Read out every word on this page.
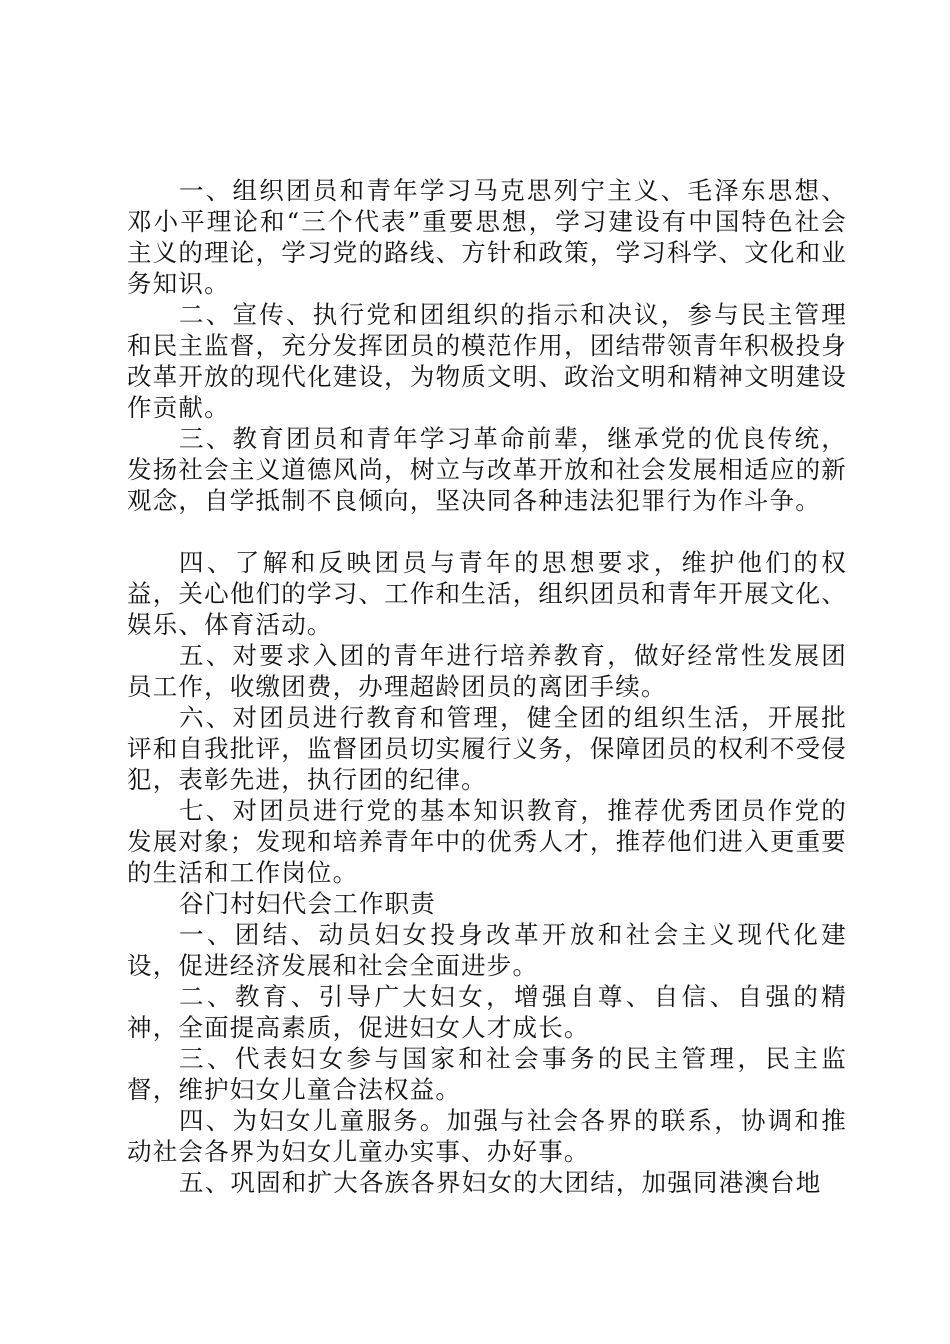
一、组织团员和青年学习马克思列宁主义、毛泽东思想、邓小平理论和“三个代表”重要思想，学习建设有中国特色社会主义的理论，学习党的路线、方针和政策，学习科学、文化和业务知识。

二、宣传、执行党和团组织的指示和决议，参与民主管理和民主监督，充分发挥团员的模范作用，团结带领青年积极投身改革开放的现代化建设，为物质文明、政治文明和精神文明建设作贡献。

三、教育团员和青年学习革命前辈，继承党的优良传统，发扬社会主义道德风尚，树立与改革开放和社会发展相适应的新观念，自学抵制不良倾向，坚决同各种违法犯罪行为作斗争。

四、了解和反映团员与青年的思想要求，维护他们的权益，关心他们的学习、工作和生活，组织团员和青年开展文化、娱乐、体育活动。

五、对要求入团的青年进行培养教育，做好经常性发展团员工作，收缴团费，办理超龄团员的离团手续。

六、对团员进行教育和管理，健全团的组织生活，开展批评和自我批评，监督团员切实履行义务，保障团员的权利不受侵犯，表彰先进，执行团的纪律。

七、对团员进行党的基本知识教育，推荐优秀团员作党的发展对象；发现和培养青年中的优秀人才，推荐他们进入更重要的生活和工作岗位。

谷门村妇代会工作职责

一、团结、动员妇女投身改革开放和社会主义现代化建设，促进经济发展和社会全面进步。

二、教育、引导广大妇女，增强自尊、自信、自强的精神，全面提高素质，促进妇女人才成长。

三、代表妇女参与国家和社会事务的民主管理，民主监督，维护妇女儿童合法权益。

四、为妇女儿童服务。加强与社会各界的联系，协调和推动社会各界为妇女儿童办实事、办好事。

五、巩固和扩大各族各界妇女的大团结，加强同港澳台地
